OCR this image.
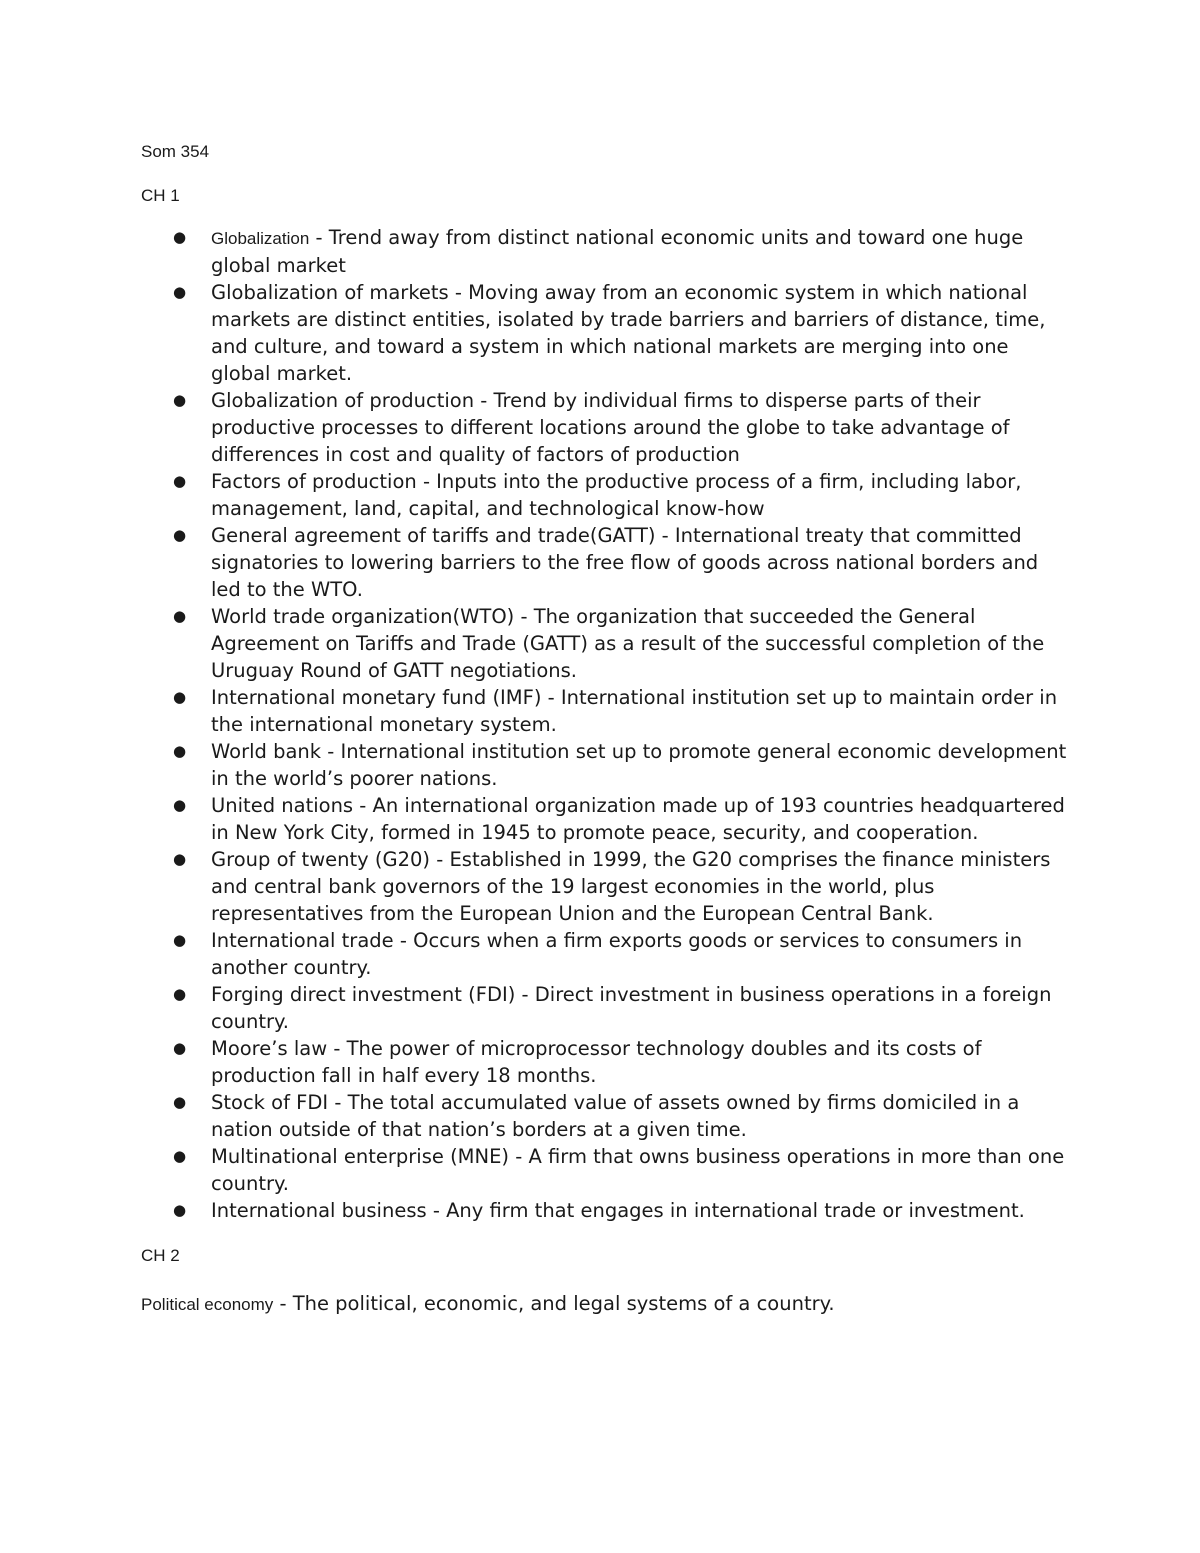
Som 354
CH 1
● Globalization - Trend away from distinct national economic units and toward one huge global market
● Globalization of markets - Moving away from an economic system in which national markets are distinct entities, isolated by trade barriers and barriers of distance, time, and culture, and toward a system in which national markets are merging into one global market.
● Globalization of production - Trend by individual firms to disperse parts of their productive processes to different locations around the globe to take advantage of differences in cost and quality of factors of production
● Factors of production - Inputs into the productive process of a firm, including labor, management, land, capital, and technological know-how
● General agreement of tariffs and trade(GATT) - International treaty that committed signatories to lowering barriers to the free flow of goods across national borders and led to the WTO.
● World trade organization(WTO) - The organization that succeeded the General Agreement on Tariffs and Trade (GATT) as a result of the successful completion of the Uruguay Round of GATT negotiations.
● International monetary fund (IMF) - International institution set up to maintain order in the international monetary system.
● World bank - International institution set up to promote general economic development in the world’s poorer nations.
● United nations - An international organization made up of 193 countries headquartered in New York City, formed in 1945 to promote peace, security, and cooperation.
● Group of twenty (G20) - Established in 1999, the G20 comprises the finance ministers and central bank governors of the 19 largest economies in the world, plus representatives from the European Union and the European Central Bank.
● International trade - Occurs when a firm exports goods or services to consumers in another country.
● Forging direct investment (FDI) - Direct investment in business operations in a foreign country.
● Moore’s law - The power of microprocessor technology doubles and its costs of production fall in half every 18 months.
● Stock of FDI - The total accumulated value of assets owned by firms domiciled in a nation outside of that nation’s borders at a given time.
● Multinational enterprise (MNE) - A firm that owns business operations in more than one country.
● International business - Any firm that engages in international trade or investment.
CH 2
Political economy - The political, economic, and legal systems of a country.
